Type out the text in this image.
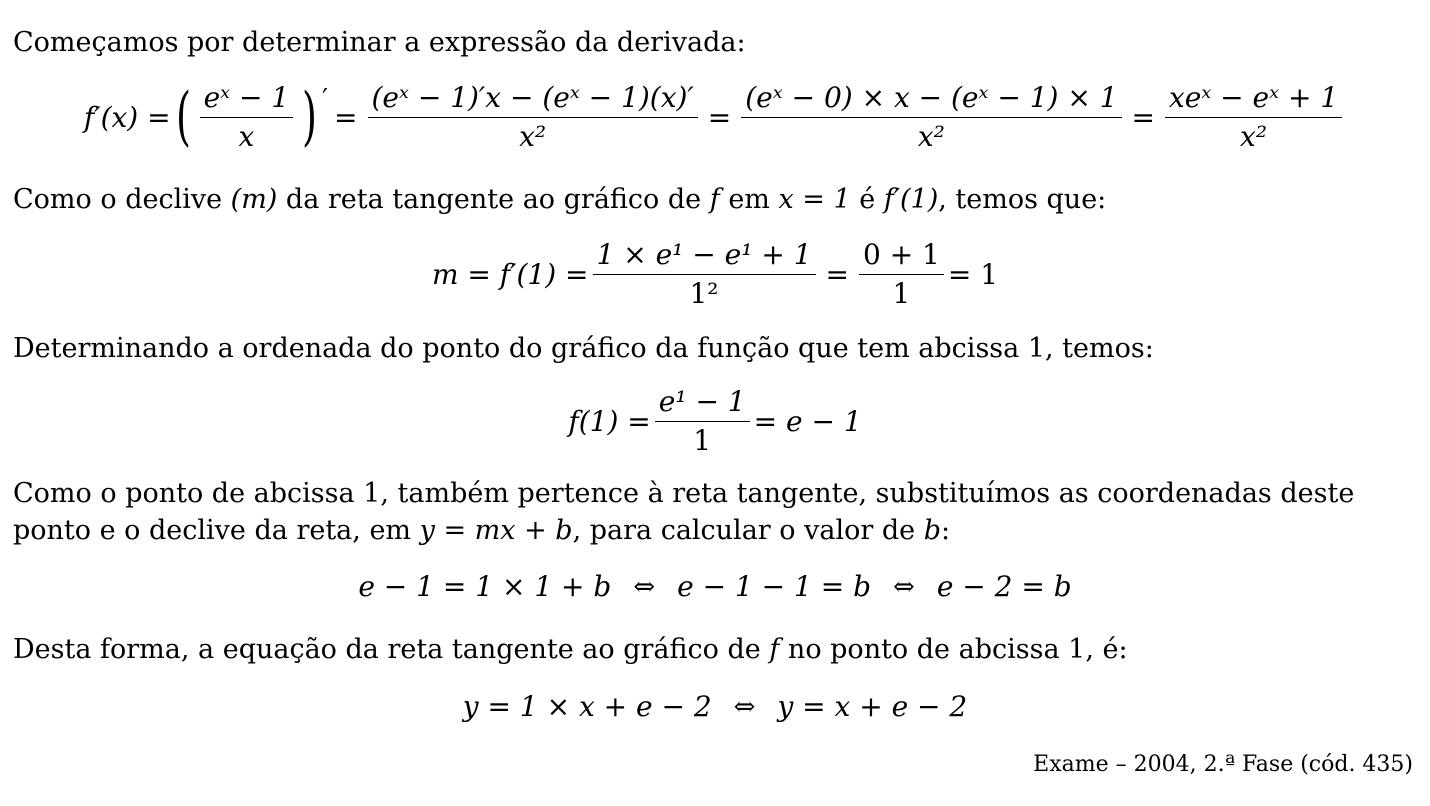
Começamos por determinar a expressão da derivada:

f′(x) = ( $\frac{\text{eˣ − 1}}{x}$ ) ′
= $\frac{\text{(eˣ − 1)′x − (eˣ − 1)(x)′}}{\text{x²}} = \frac{\text{(eˣ − 0) × x − (eˣ − 1) × 1}}{\text{x²}} = \frac{\text{xeˣ − eˣ + 1}}{\text{x²}}$

Como o declive (m) da reta tangente ao gráfico de f em x = 1 é f′(1), temos que:

$m = f'(1) = \frac{\text{1 × e¹ − e¹ + 1}}{\text{1²}} = \frac{0 + 1}{1} = 1$

Determinando a ordenada do ponto do gráfico da função que tem abcissa 1, temos:

$f(1) = \frac{\text{e¹ − 1}}{1} = e - 1$

Como o ponto de abcissa 1, também pertence à reta tangente, substituímos as coordenadas deste ponto e o declive da reta, em y = mx + b, para calcular o valor de b:

e − 1 = 1 × 1 + b ⇔ e − 1 − 1 = b ⇔ e − 2 = b

Desta forma, a equação da reta tangente ao gráfico de f no ponto de abcissa 1, é:

y = 1 × x + e − 2 ⇔ y = x + e − 2
Exame – 2004, 2.ª Fase (cód. 435)
